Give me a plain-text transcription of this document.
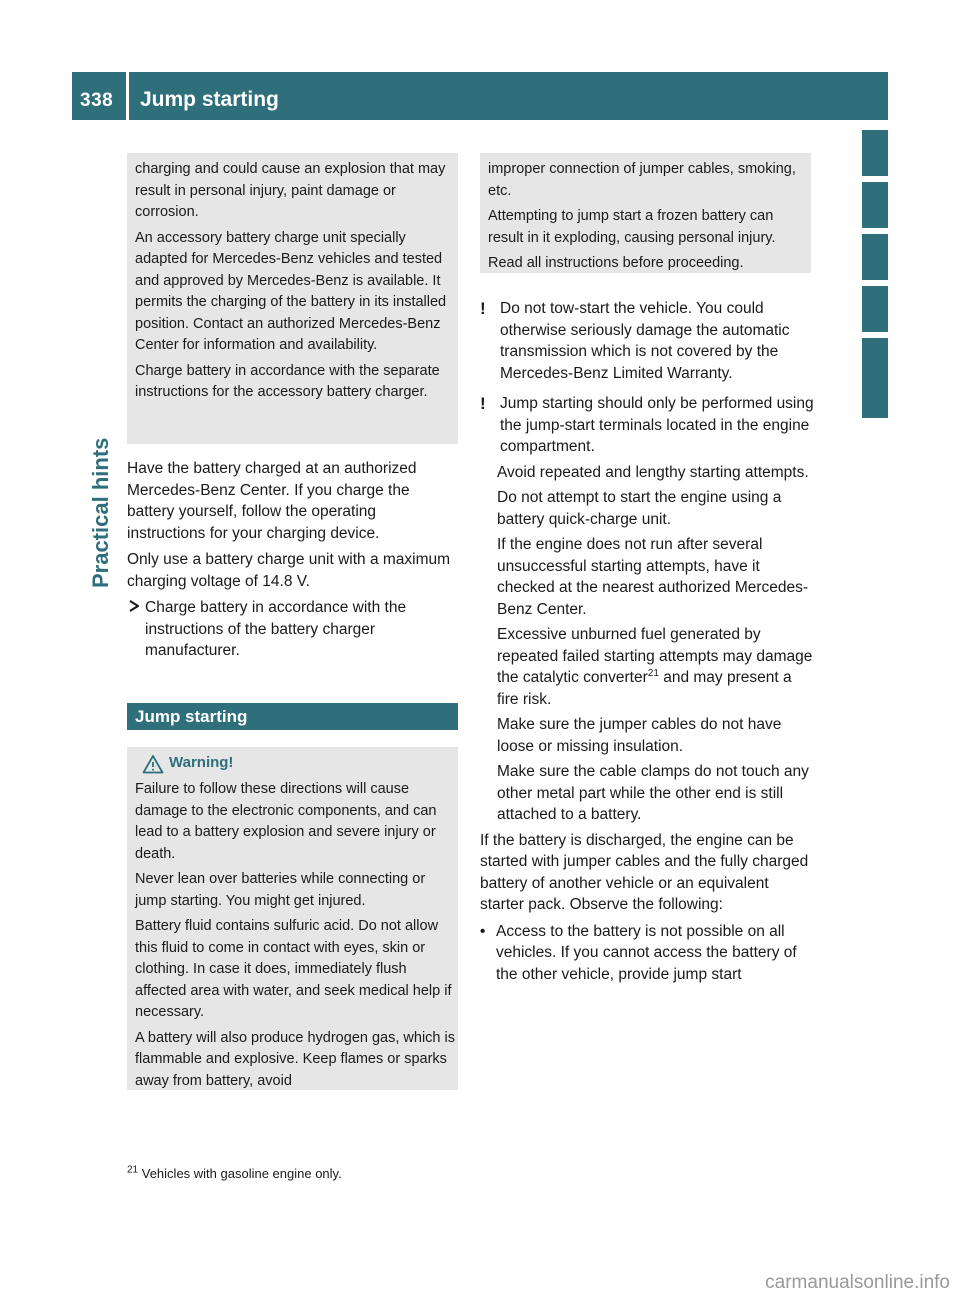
338 Jump starting
Practical hints

charging and could cause an explosion that may result in personal injury, paint damage or corrosion.

An accessory battery charge unit specially adapted for Mercedes-Benz vehicles and tested and approved by Mercedes-Benz is available. It permits the charging of the battery in its installed position. Contact an authorized Mercedes-Benz Center for information and availability.

Charge battery in accordance with the separate instructions for the accessory battery charger.

Have the battery charged at an authorized Mercedes-Benz Center. If you charge the battery yourself, follow the operating instructions for your charging device.

Only use a battery charge unit with a maximum charging voltage of 14.8 V.

Charge battery in accordance with the instructions of the battery charger manufacturer.
Jump starting
Warning!

Failure to follow these directions will cause damage to the electronic components, and can lead to a battery explosion and severe injury or death.

Never lean over batteries while connecting or jump starting. You might get injured.

Battery fluid contains sulfuric acid. Do not allow this fluid to come in contact with eyes, skin or clothing. In case it does, immediately flush affected area with water, and seek medical help if necessary.

A battery will also produce hydrogen gas, which is flammable and explosive. Keep flames or sparks away from battery, avoid

improper connection of jumper cables, smoking, etc.

Attempting to jump start a frozen battery can result in it exploding, causing personal injury.

Read all instructions before proceeding.

! Do not tow-start the vehicle. You could otherwise seriously damage the automatic transmission which is not covered by the Mercedes-Benz Limited Warranty.
! Jump starting should only be performed using the jump-start terminals located in the engine compartment.

Avoid repeated and lengthy starting attempts.

Do not attempt to start the engine using a battery quick-charge unit.

If the engine does not run after several unsuccessful starting attempts, have it checked at the nearest authorized Mercedes-Benz Center.

Excessive unburned fuel generated by repeated failed starting attempts may damage the catalytic converter$^{21}$ and may present a fire risk.

Make sure the jumper cables do not have loose or missing insulation.

Make sure the cable clamps do not touch any other metal part while the other end is still attached to a battery.

If the battery is discharged, the engine can be started with jumper cables and the fully charged battery of another vehicle or an equivalent starter pack. Observe the following:

• Access to the battery is not possible on all vehicles. If you cannot access the battery of the other vehicle, provide jump start
$^{21}$ Vehicles with gasoline engine only.
carmanualsonline.info
